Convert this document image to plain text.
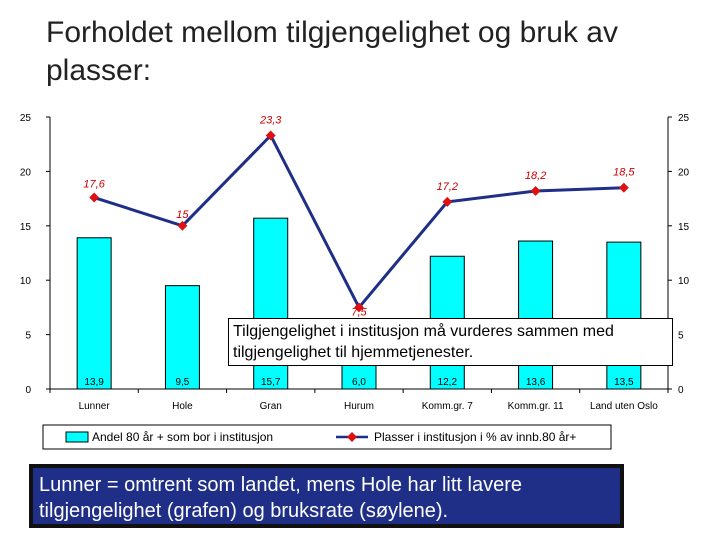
Forholdet mellom tilgjengelighet og bruk av plasser:
0	0
5	5
10	10
15	15
20	20
25	25
13,9	9,5	15,7	6,0	12,2	13,6	13,5
Lunner	Hole	Gran	Hurum	Komm.gr. 7	Komm.gr. 11	Land uten Oslo
17,6
15
23,3
7,5
17,2
18,2	18,5
Andel 80 år + som bor i institusjon	Plasser i institusjon i % av innb.80 år+
Tilgjengelighet i institusjon må vurderes sammen med tilgjengelighet til hjemmetjenester.
Lunner = omtrent som landet, mens Hole har litt lavere tilgjengelighet (grafen) og bruksrate (søylene).
